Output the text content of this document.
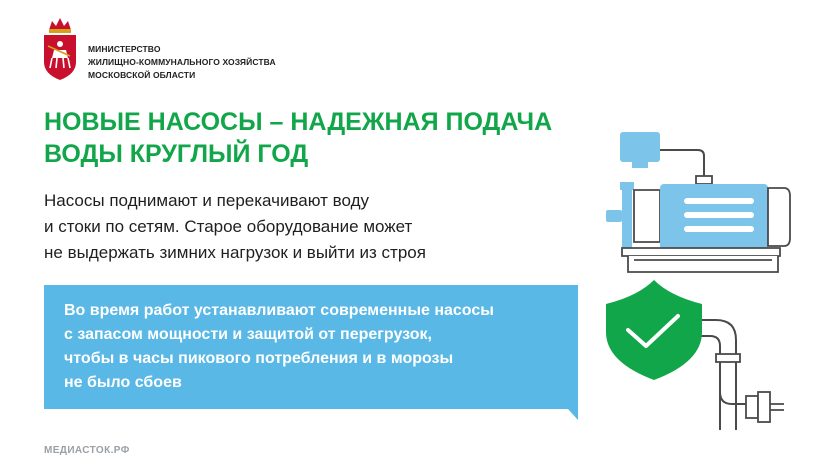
МИНИСТЕРСТВО
ЖИЛИЩНО-КОММУНАЛЬНОГО ХОЗЯЙСТВА
МОСКОВСКОЙ ОБЛАСТИ
НОВЫЕ НАСОСЫ – НАДЕЖНАЯ ПОДАЧА
ВОДЫ КРУГЛЫЙ ГОД

Насосы поднимают и перекачивают воду
и стоки по сетям. Старое оборудование может
не выдержать зимних нагрузок и выйти из строя

Во время работ устанавливают современные насосы
с запасом мощности и защитой от перегрузок,
чтобы в часы пикового потребления и в морозы
не было сбоев

МЕДИАСТОК.РФ
